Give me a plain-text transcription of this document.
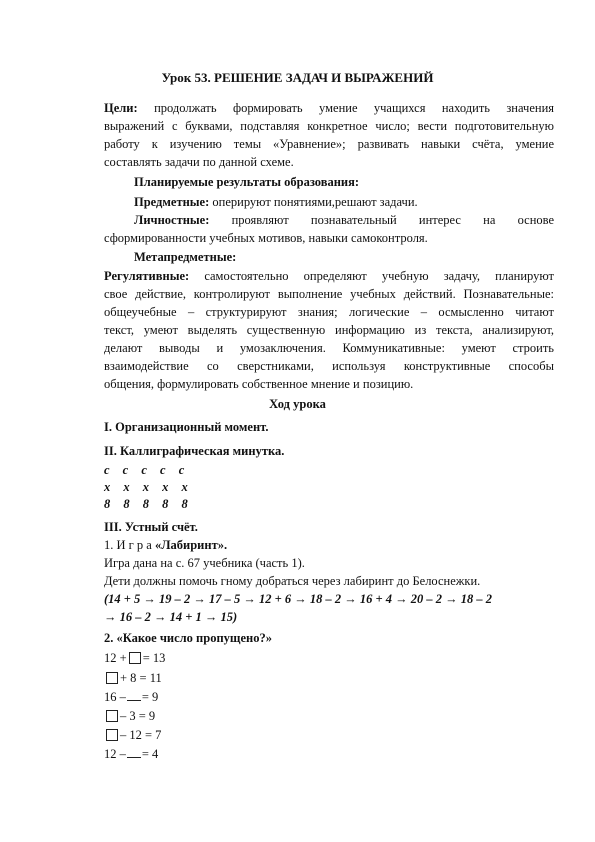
Урок 53. РЕШЕНИЕ ЗАДАЧ И ВЫРАЖЕНИЙ
Цели: продолжать формировать умение учащихся находить значения
выражений с буквами, подставляя конкретное число; вести подготовительную
работу к изучению темы «Уравнение»; развивать навыки счёта, умение
составлять задачи по данной схеме.
Планируемые результаты образования:
Предметные: оперируют понятиями,решают задачи.
Личностные: проявляют познавательный интерес на основе
сформированности учебных мотивов, навыки самоконтроля.
Метапредметные:
Регулятивные: самостоятельно определяют учебную задачу, планируют
свое действие, контролируют выполнение учебных действий. Познавательные:
общеучебные – структурируют знания; логические – осмысленно читают
текст, умеют выделять существенную информацию из текста, анализируют,
делают выводы и умозаключения. Коммуникативные: умеют строить
взаимодействие со сверстниками, используя конструктивные способы
общения, формулировать собственное мнение и позицию.
Ход урока
I. Организационный момент.
II. Каллиграфическая минутка.
с с с с с
х х х х х
8 8 8 8 8
III. Устный счёт.
1. И г р а «Лабиринт».
Игра дана на с. 67 учебника (часть 1).
Дети должны помочь гному добраться через лабиринт до Белоснежки.
(14 + 5 → 19 – 2 → 17 – 5 → 12 + 6 → 18 – 2 → 16 + 4 → 20 – 2 → 18 – 2
→ 16 – 2 → 14 + 1 → 15)
2. «Какое число пропущено?»
12 + = 13
+ 8 = 11
16 – = 9
– 3 = 9
– 12 = 7
12 – = 4
